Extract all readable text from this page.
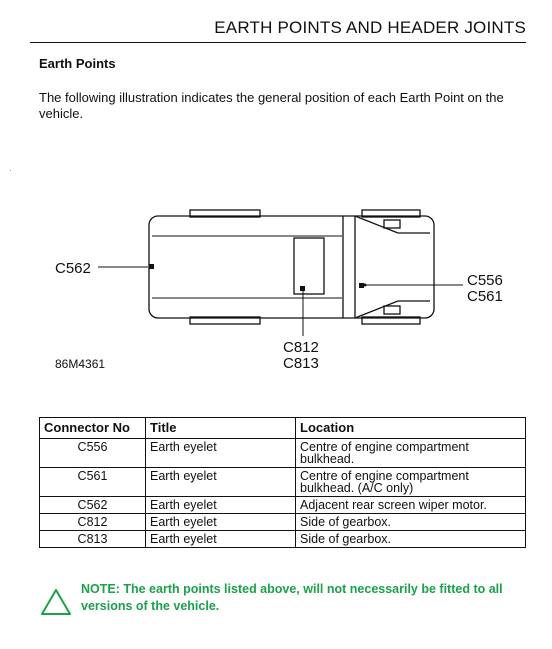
EARTH POINTS AND HEADER JOINTS
Earth Points
The following illustration indicates the general position of each Earth Point on the vehicle.
C562
C556
C561
C812
C813
86M4361
Connector No	Title	Location
C556	Earth eyelet	Centre of engine compartment bulkhead.
C561	Earth eyelet	Centre of engine compartment bulkhead. (A/C only)
C562	Earth eyelet	Adjacent rear screen wiper motor.
C812	Earth eyelet	Side of gearbox.
C813	Earth eyelet	Side of gearbox.
NOTE: The earth points listed above, will not necessarily be fitted to all versions of the vehicle.
